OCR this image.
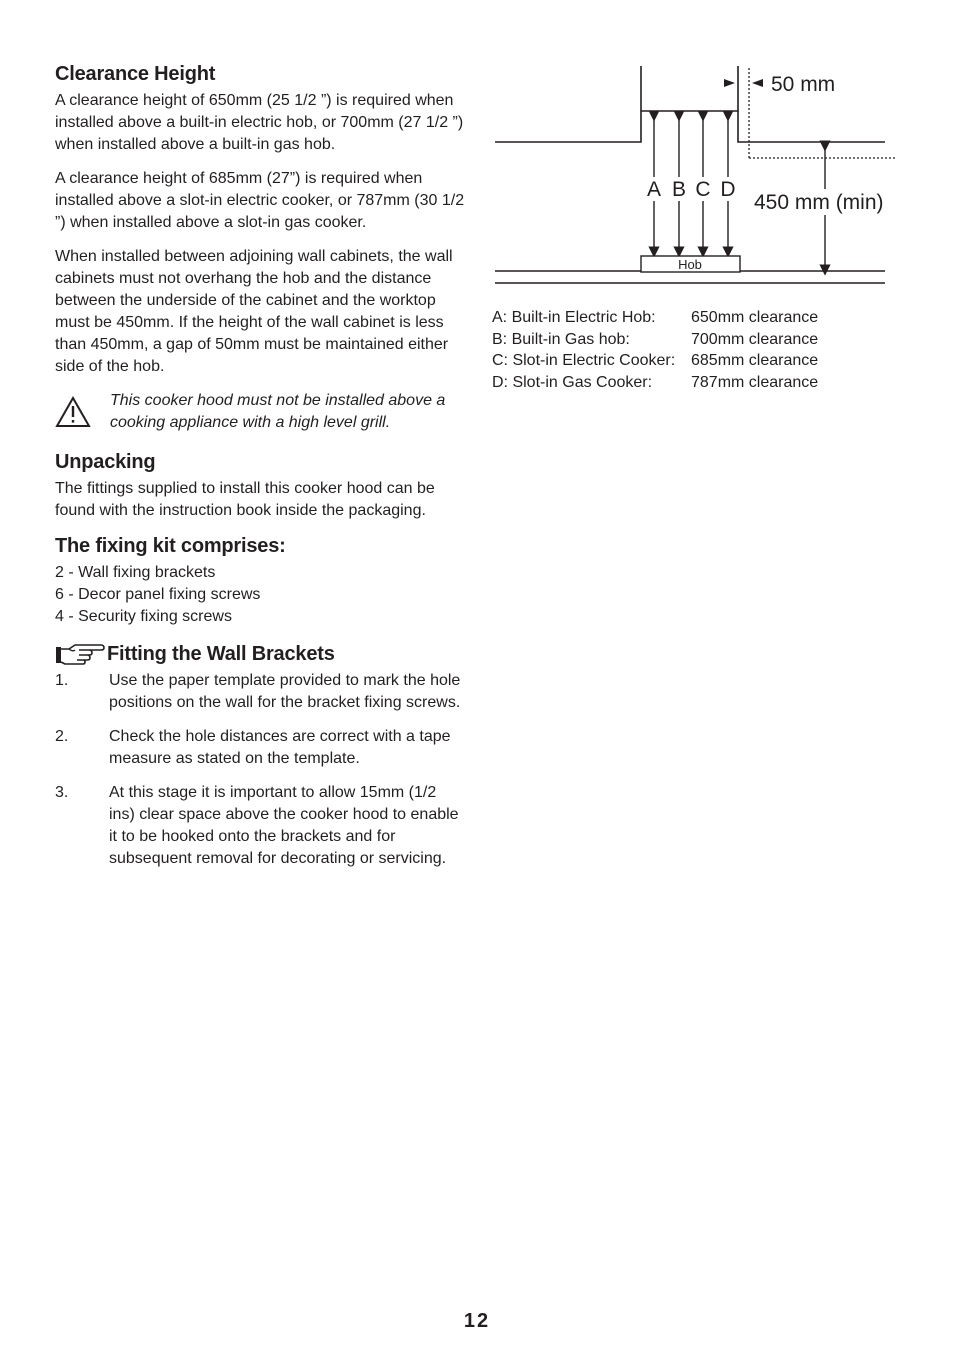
Clearance Height

A clearance height of 650mm (25 1/2 ”) is required when installed above a built-in electric hob, or 700mm (27 1/2 ”) when installed above a built-in gas hob.

A clearance height of 685mm (27”) is required when installed above a slot-in electric cooker, or 787mm (30 1/2 ”) when installed above a slot-in gas cooker.

When installed between adjoining wall cabinets, the wall cabinets must not overhang the hob and the distance between the underside of the cabinet and the worktop must be 450mm. If the height of the wall cabinet is less than 450mm, a gap of 50mm must be maintained either side of the hob.

This cooker hood must not be installed above a cooking appliance with a high level grill.

Unpacking

The fittings supplied to install this cooker hood can be found with the instruction book inside the packaging.

The fixing kit comprises:
2 - Wall fixing brackets
6 - Decor panel fixing screws
4 - Security fixing screws
Fitting the Wall Brackets
1.	Use the paper template provided to mark the hole positions on the wall for the bracket fixing screws.
2.	Check the hole distances are correct with a tape measure as stated on the template.
3.	At this stage it is important to allow 15mm (1/2 ins) clear space above the cooker hood to enable it to be hooked onto the brackets and for subsequent removal for decorating or servicing.
50 mm
A B C D
450 mm (min)
Hob
A: Built-in Electric Hob:	650mm clearance
B: Built-in Gas hob:	700mm clearance
C: Slot-in Electric Cooker: 685mm clearance
D: Slot-in Gas Cooker:	787mm clearance
12
